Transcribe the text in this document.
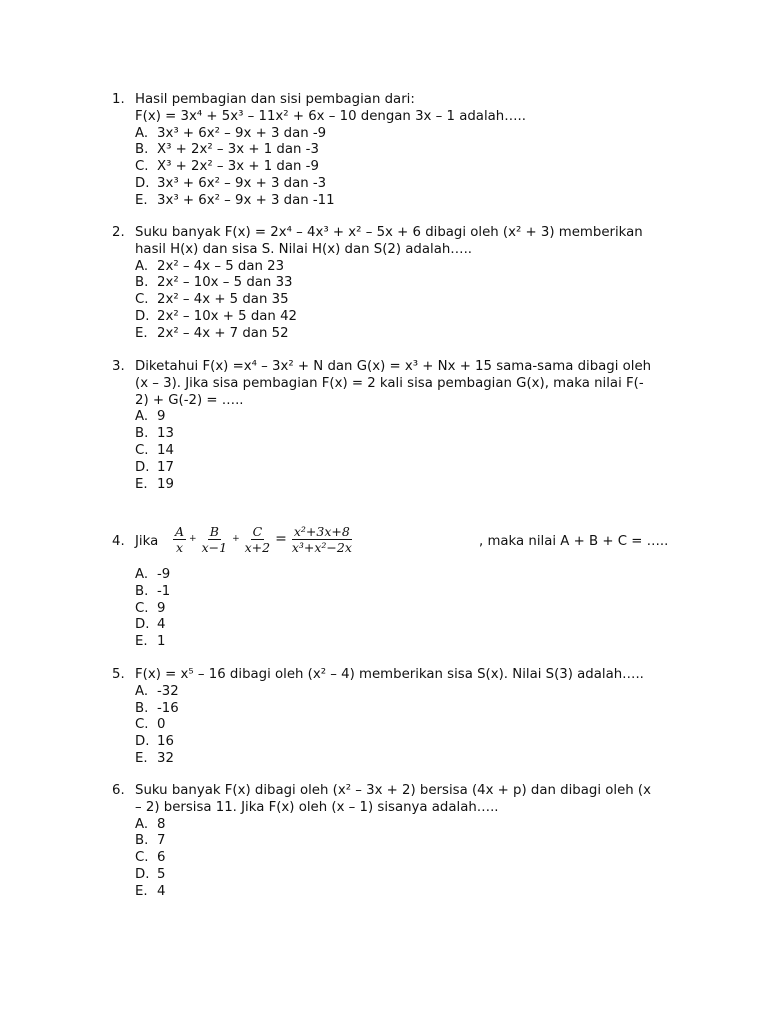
1. Hasil pembagian dan sisi pembagian dari:
F(x) = 3x⁴ + 5x³ – 11x² + 6x – 10 dengan 3x – 1 adalah…..
A. 3x³ + 6x² – 9x + 3 dan -9
B. X³ + 2x² – 3x + 1 dan -3
C. X³ + 2x² – 3x + 1 dan -9
D. 3x³ + 6x² – 9x + 3 dan -3
E. 3x³ + 6x² – 9x + 3 dan -11
2. Suku banyak F(x) = 2x⁴ – 4x³ + x² – 5x + 6 dibagi oleh (x² + 3) memberikan
hasil H(x) dan sisa S. Nilai H(x) dan S(2) adalah…..
A. 2x² – 4x – 5 dan 23
B. 2x² – 10x – 5 dan 33
C. 2x² – 4x + 5 dan 35
D. 2x² – 10x + 5 dan 42
E. 2x² – 4x + 7 dan 52
3. Diketahui F(x) =x⁴ – 3x² + N dan G(x) = x³ + Nx + 15 sama-sama dibagi oleh
(x – 3). Jika sisa pembagian F(x) = 2 kali sisa pembagian G(x), maka nilai F(-
2) + G(-2) = …..
A. 9
B. 13
C. 14
D. 17
E. 19
4. Jika $\frac{A}{x} + \frac{B}{x-1} + \frac{C}{x+2} = \frac{\text{x²+3x+8}}{\text{x³+x²−2x}}$	, maka nilai A + B + C = …..
A. -9
B. -1
C. 9
D. 4
E. 1
5. F(x) = x⁵ – 16 dibagi oleh (x² – 4) memberikan sisa S(x). Nilai S(3) adalah…..
A. -32
B. -16
C. 0
D. 16
E. 32
6. Suku banyak F(x) dibagi oleh (x² – 3x + 2) bersisa (4x + p) dan dibagi oleh (x
– 2) bersisa 11. Jika F(x) oleh (x – 1) sisanya adalah…..
A. 8
B. 7
C. 6
D. 5
E. 4
